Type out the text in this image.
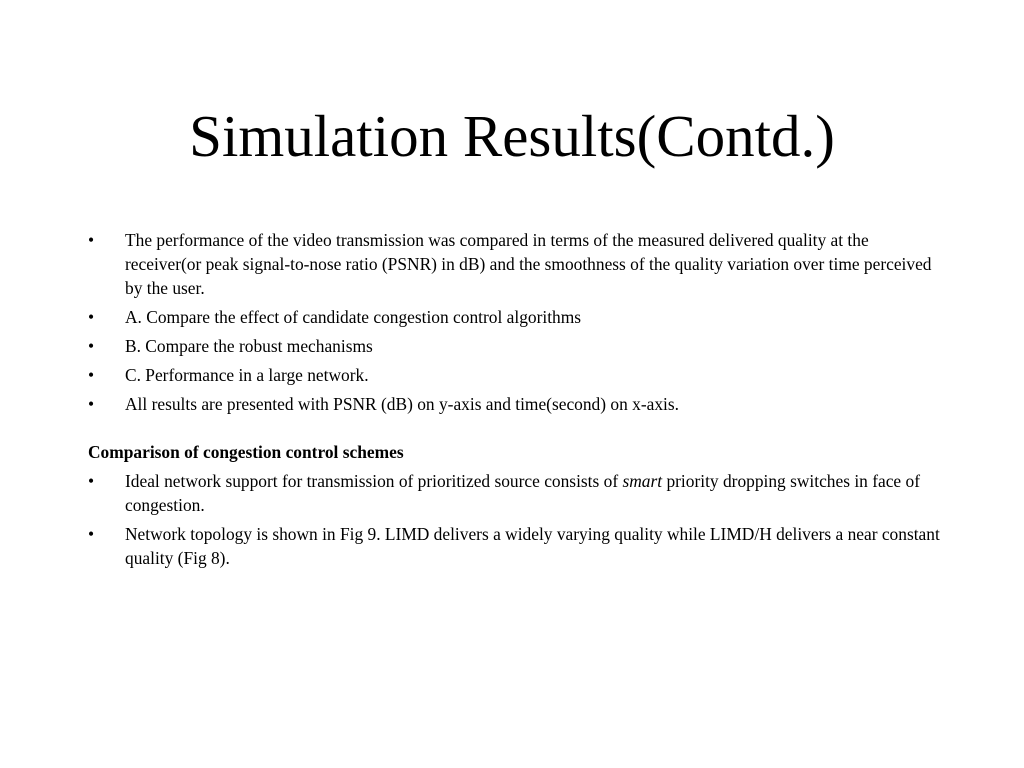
Simulation Results(Contd.)
•	The performance of the video transmission was compared in terms of the measured delivered quality at the receiver(or peak signal-to-nose ratio (PSNR) in dB) and the smoothness of the quality variation over time perceived by the user.
•	A. Compare the effect of candidate congestion control algorithms
•	B. Compare the robust mechanisms
•	C. Performance in a large network.
•	All results are presented with PSNR (dB) on y-axis and time(second) on x-axis.
Comparison of congestion control schemes
•	Ideal network support for transmission of prioritized source consists of smart priority dropping switches in face of congestion.
•	Network topology is shown in Fig 9. LIMD delivers a widely varying quality while LIMD/H delivers a near constant quality (Fig 8).
